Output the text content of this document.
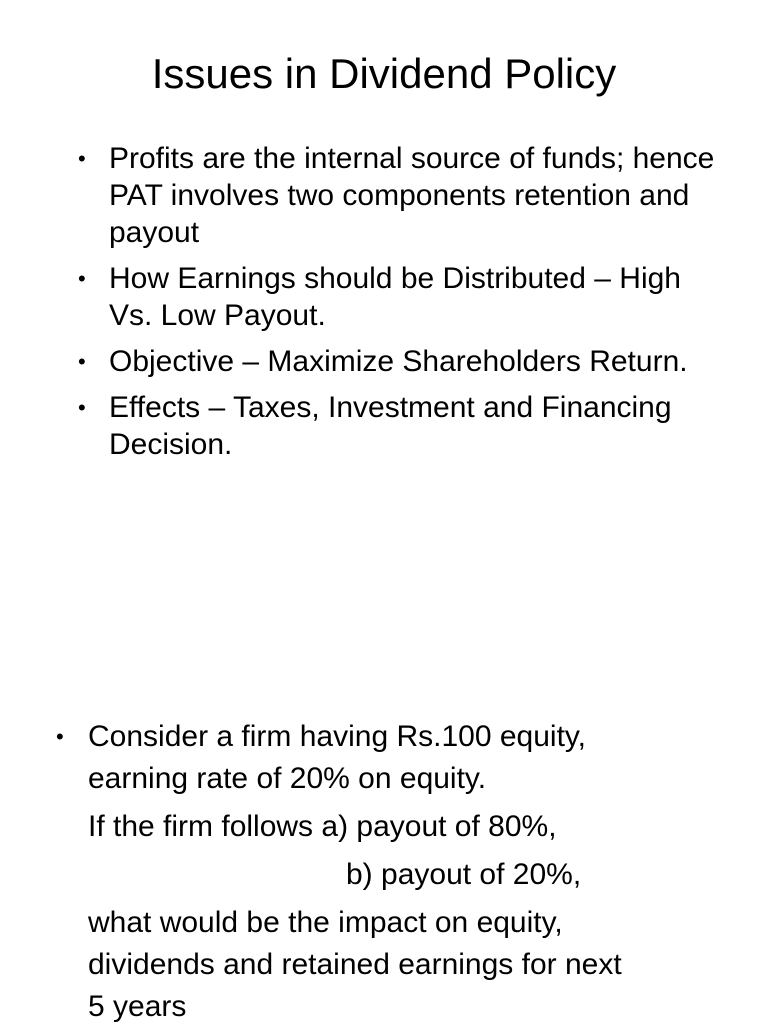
Issues in Dividend Policy
• Profits are the internal source of funds; hence PAT involves two components retention and payout
• How Earnings should be Distributed – High Vs. Low Payout.
• Objective – Maximize Shareholders Return.
• Effects – Taxes, Investment and Financing Decision.
• Consider a firm having Rs.100 equity,
earning rate of 20% on equity.
If the firm follows a) payout of 80%,
b) payout of 20%,
what would be the impact on equity,
dividends and retained earnings for next
5 years
